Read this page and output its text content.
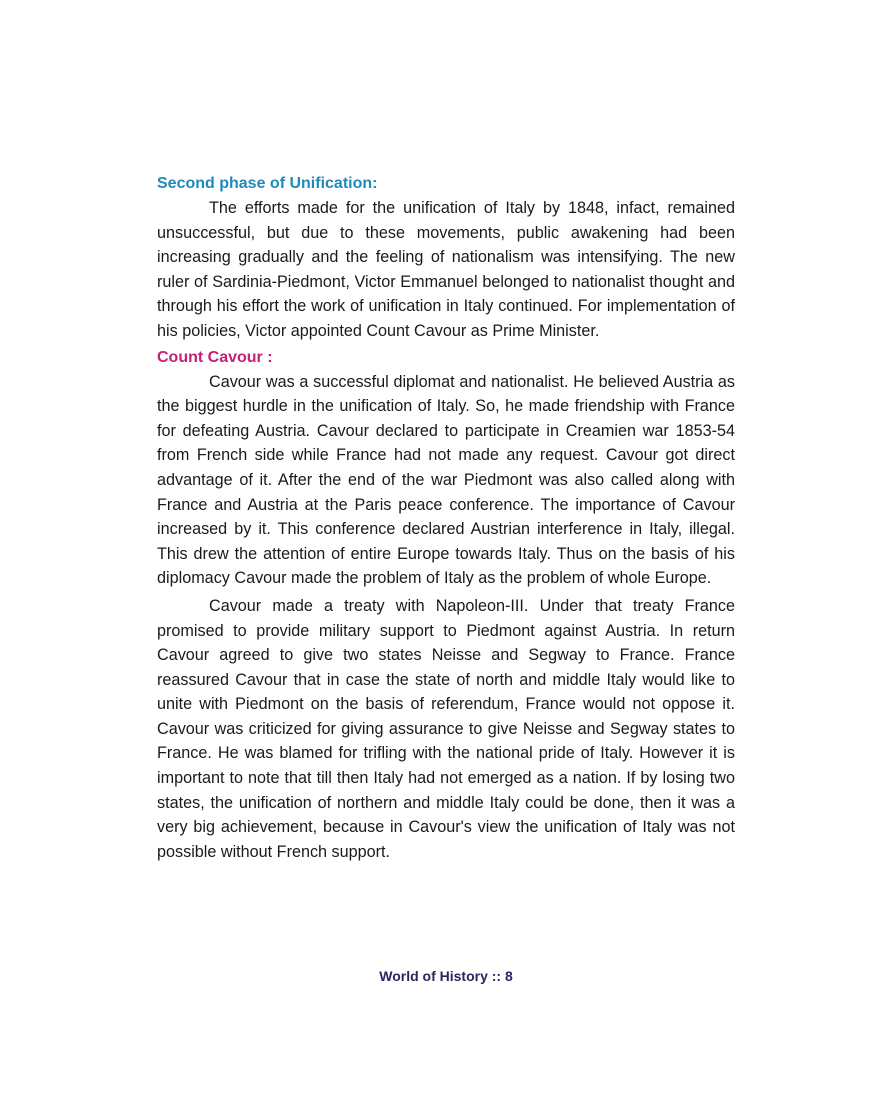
Second phase of Unification:

The efforts made for the unification of Italy by 1848, infact, remained unsuccessful, but due to these movements, public awakening had been increasing gradually and the feeling of nationalism was intensifying. The new ruler of Sardinia-Piedmont, Victor Emmanuel belonged to nationalist thought and through his effort the work of unification in Italy continued. For implementation of his policies, Victor appointed Count Cavour as Prime Minister.

Count Cavour :

Cavour was a successful diplomat and nationalist. He believed Austria as the biggest hurdle in the unification of Italy. So, he made friendship with France for defeating Austria. Cavour declared to participate in Creamien war 1853-54 from French side while France had not made any request. Cavour got direct advantage of it. After the end of the war Piedmont was also called along with France and Austria at the Paris peace conference. The importance of Cavour increased by it. This conference declared Austrian interference in Italy, illegal. This drew the attention of entire Europe towards Italy. Thus on the basis of his diplomacy Cavour made the problem of Italy as the problem of whole Europe.

Cavour made a treaty with Napoleon-III. Under that treaty France promised to provide military support to Piedmont against Austria. In return Cavour agreed to give two states Neisse and Segway to France. France reassured Cavour that in case the state of north and middle Italy would like to unite with Piedmont on the basis of referendum, France would not oppose it. Cavour was criticized for giving assurance to give Neisse and Segway states to France. He was blamed for trifling with the national pride of Italy. However it is important to note that till then Italy had not emerged as a nation. If by losing two states, the unification of northern and middle Italy could be done, then it was a very big achievement, because in Cavour's view the unification of Italy was not possible without French support.

World of History :: 8
